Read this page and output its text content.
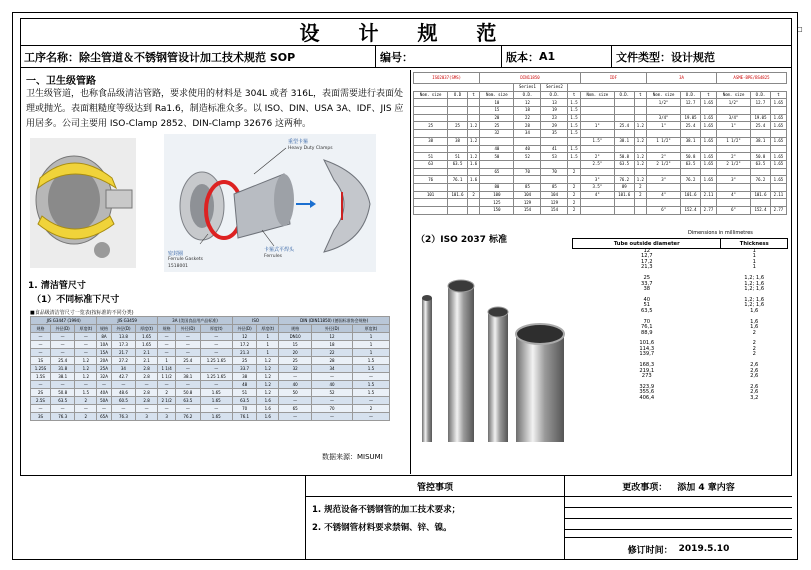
□
设 计 规 范
工序名称： 除尘管道＆不锈钢管设计加工技术规范 SOP	编号：	版本： A1	文件类型： 设计规范
一、卫生级管路
卫生级管道，也称食品级清洁管路，要求使用的材料是 304L 或者 316L，表面需要进行表面处理或抛光。表面粗糙度等级达到 Ra1.6，制造标准众多。以 ISO、DIN、USA 3A、IDF、JIS 应用居多。公司主要用 ISO-Clamp 2852、DIN-Clamp 32676 这两种。
重型卡箍
Heavy Duty Clamps
密封圈
Ferrule Gaskets
1518001
卡箍式平焊头
Ferrules
1. 清洁管尺寸
（1）不同标准下尺寸
■食品级清洁管尺寸一览表(按标准的不同分类)
JIS G3447 (1994)			JIS G3459			3A (美国食品用产品标准)			ISO		DIN (DIN11850) (德国标准协会规格)		
规格	外径(D)	厚度(t)	规格	外径(D)	厚度(t)	规格	外径(D)	厚度(t)	外径(D)	厚度(t)	规格	外径(D)	厚度(t)
—	—	—	8A	13.8	1.65	—	—	—	12	1	DN10	12	1
—	—	—	10A	17.3	1.65	—	—	—	17.2	1	15	18	1
—	—	—	15A	21.7	2.1	—	—	—	21.3	1	20	22	1
1S	25.4	1.2	20A	27.2	2.1	1	25.4	1.25 1.65	25	1.2	25	28	1.5
1.25S	31.8	1.2	25A	34	2.8	1 1/4	—	—	33.7	1.2	32	34	1.5
1.5S	38.1	1.2	32A	42.7	2.8	1 1/2	38.1	1.25 1.65	38	1.2	—	—	—
—	—	—	—	—	—	—	—	—	48	1.2	40	40	1.5
2S	50.8	1.5	40A	48.6	2.8	2	50.8	1.65	51	1.2	50	52	1.5
2.5S	63.5	2	50A	60.5	2.8	2 1/2	63.5	1.65	63.5	1.6	—	—	—
—	—	—	—	—	—	—	—	—	70	1.6	65	70	2
3S	76.3	2	65A	76.3	3	3	76.2	1.65	76.1	1.6	—	—	—
数据来源：MISUMI
ISO2037(SMS)			DIN11850				IDF			3A			ASME-BPE/BS4825		
				Series1	Series2										
Nom. size	O.D	t	Nom. size	O.D.	O.D.	t	Nom. size	O.D.	t	Nom. size	O.D.	t	Nom. size	O.D.	t
			10	12	13	1.5				1/2"	12.7	1.65	1/2"	12.7	1.65
			15	18	19	1.5									
			20	22	23	1.5				3/4"	19.05	1.65	3/4"	19.05	1.65
25	25	1.2	25	28	29	1.5	1"	25.4	1.2	1"	25.4	1.65	1"	25.4	1.65
			32	34	35	1.5									
38	38	1.2					1.5"	38.1	1.2	1 1/2"	38.1	1.65	1 1/2"	38.1	1.65
			40	40	41	1.5									
51	51	1.2	50	52	53	1.5	2"	50.8	1.2	2"	50.8	1.65	2"	50.8	1.65
63	63.5	1.6					2.5"	63.5	1.2	2 1/2"	63.5	1.65	2 1/2"	63.5	1.65
			65	70	70	2									
76	76.1	1.6					3"	76.2	1.2	3"	76.2	1.65	3"	76.2	1.65
			80	85	85	2	3.5"	89	2						
101	101.6	2	100	104	104	2	4"	101.6	2	4"	101.6	2.11	4"	101.6	2.11
			125	129	129	2									
			150	154	154	2				6"	152.4	2.77	6"	152.4	2.77
（2）ISO 2037 标准
Dimensions in millimetres
Tube outside diameter	Thickness
12	1
12,7	1
17,2	1
21,3	1

25	1,2; 1,6
33,7	1,2; 1,6
38	1,2; 1,6

40	1,2; 1,6
51	1,2; 1,6
63,5	1,6

70	1,6
76,1	1,6
88,9	2

101,6	2
114,3	2
139,7	2

168,3	2,6
219,1	2,6
273	2,6

323,9	2,6
355,6	2,6
406,4	3,2
管控事项
1. 规范设备不锈钢管的加工技术要求；
2. 不锈钢管材料要求禁铜、锌、镍。
更改事项： 添加 4 章内容
修订时间： 2019.5.10
